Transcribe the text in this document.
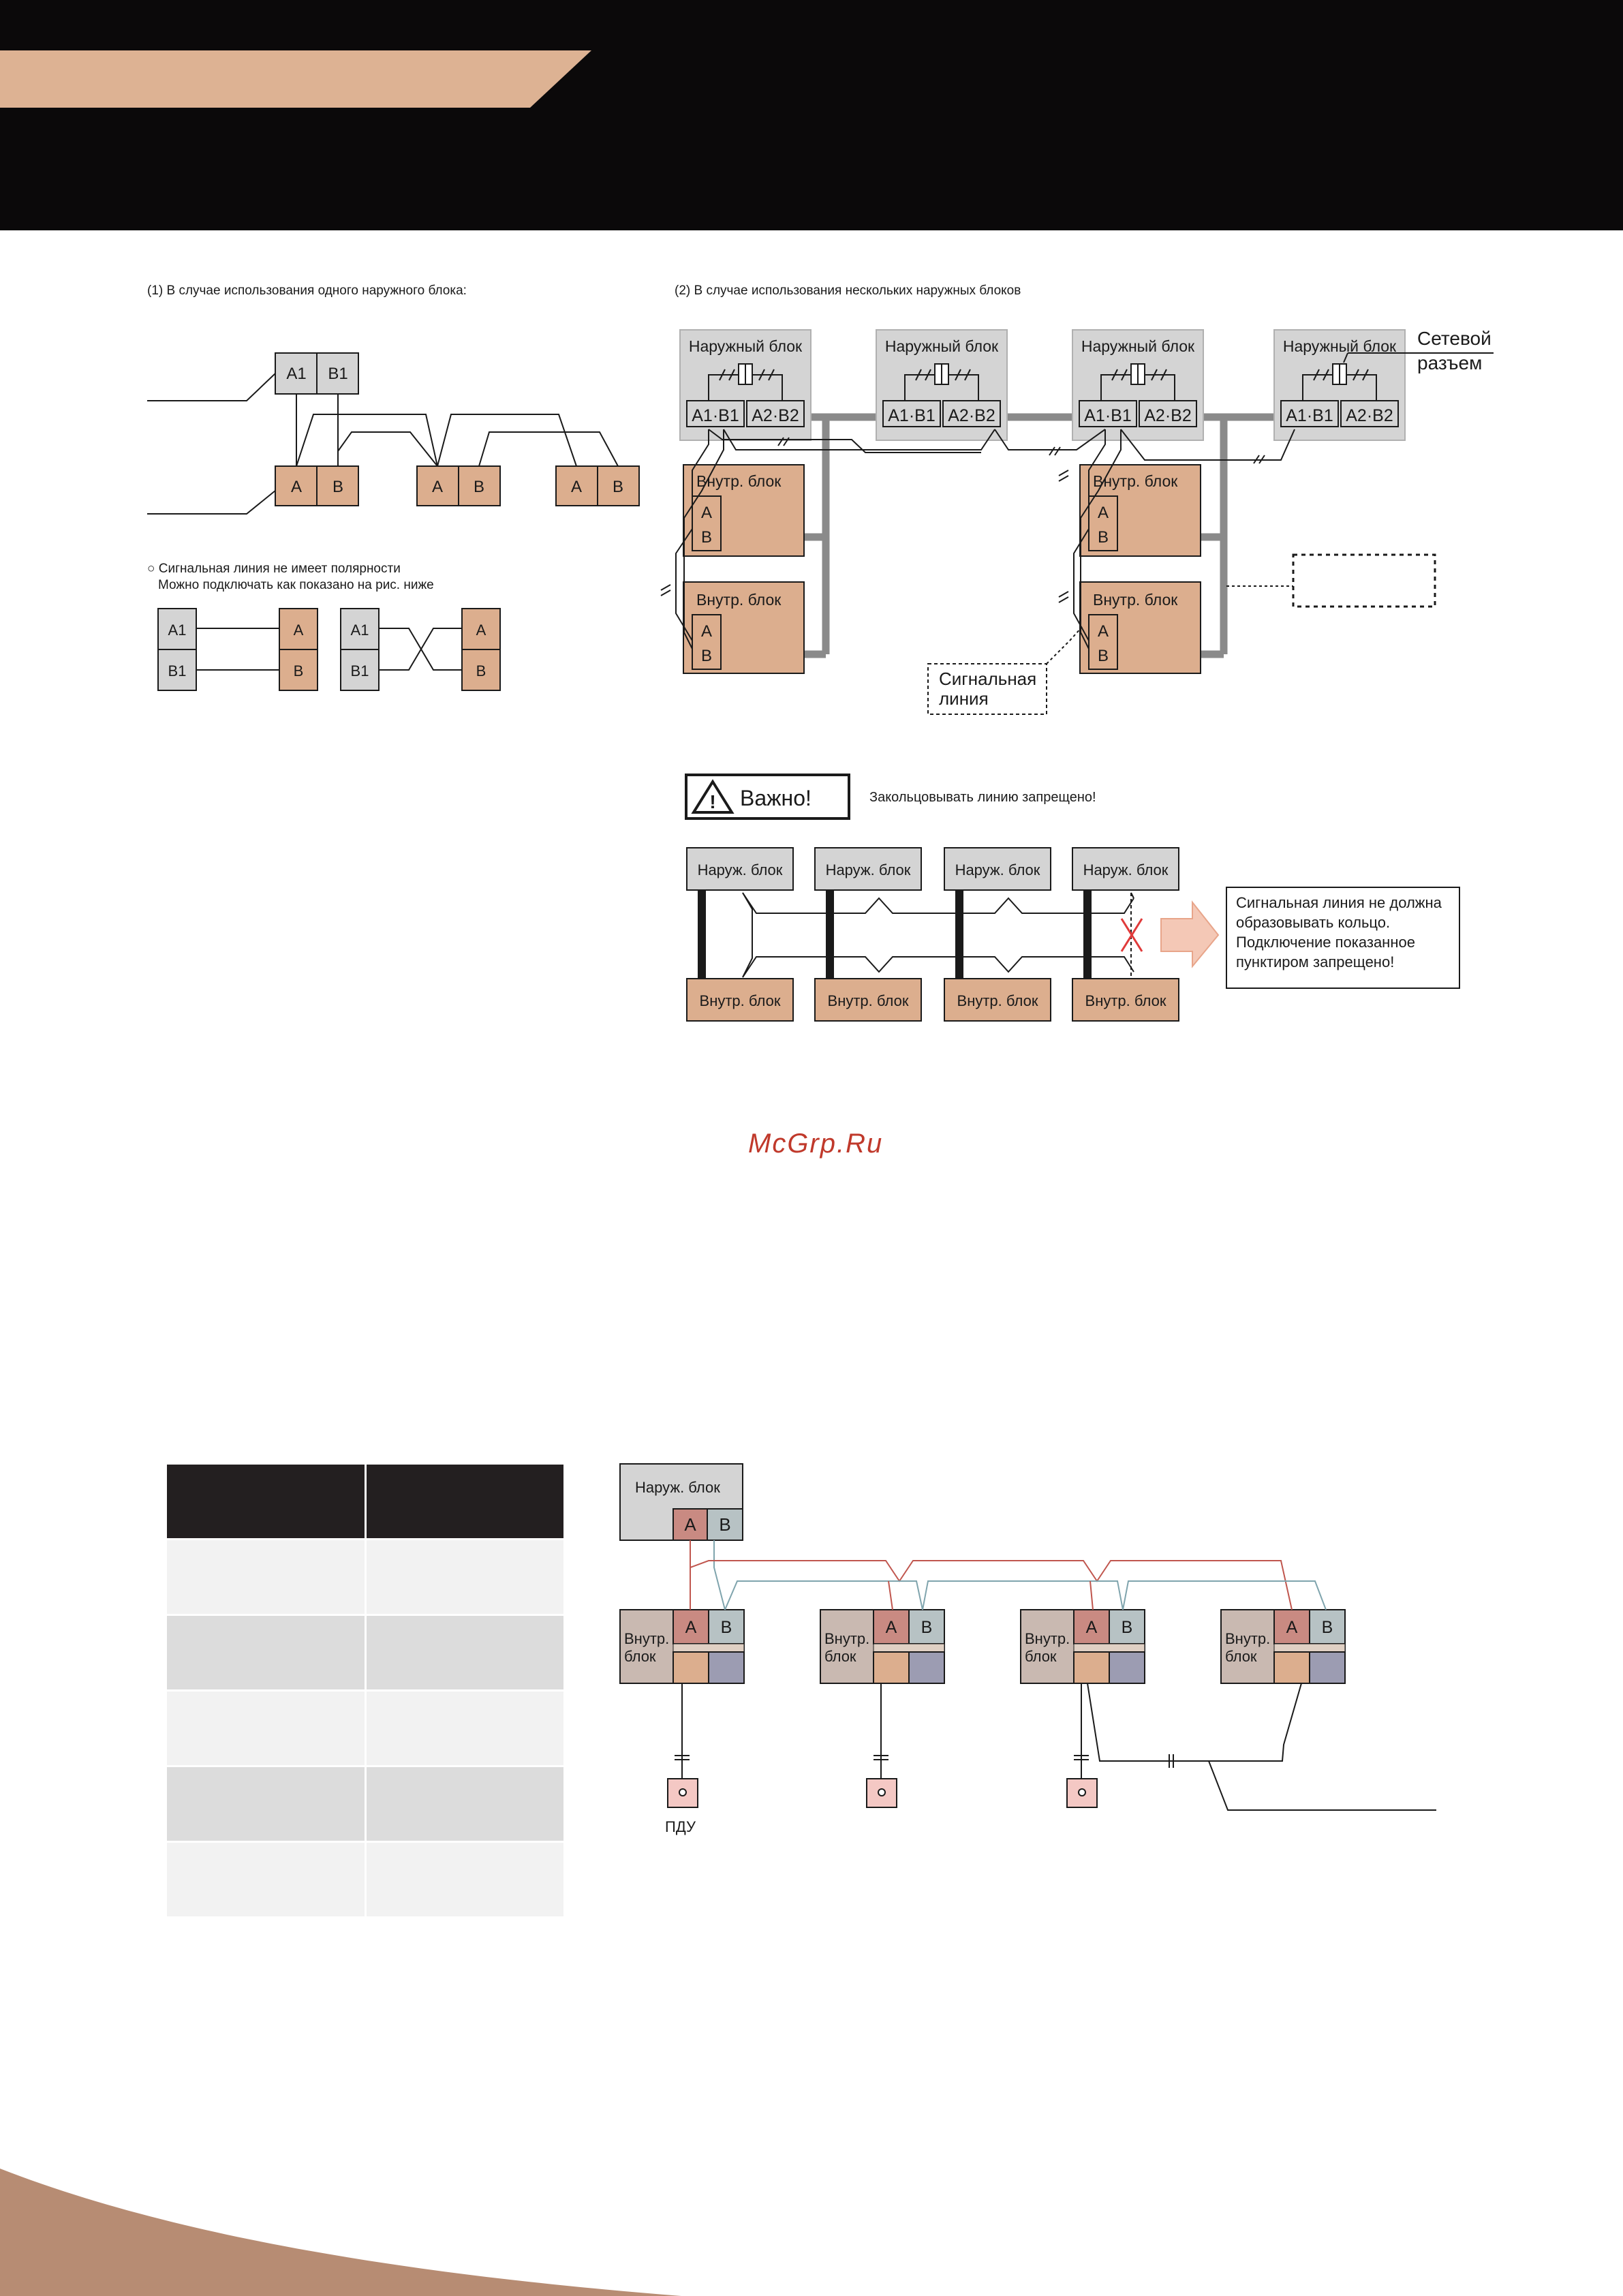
(1) В случае использования одного наружного блока:
A1 B1
A B	A B	A B
○ Сигнальная линия не имеет полярности
Можно подключать как показано на рис. ниже
A1
B1
A
B
A1
B1
A
B
(2) В случае использования нескольких наружных блоков
Наружный блок
A1·B1 A2·B2
Наружный блок
A1·B1 A2·B2
Наружный блок
A1·B1 A2·B2
Наружный блок
A1·B1 A2·B2
Внутр. блок
A
B
Внутр. блок
A
B
Внутр. блок
A
B
Внутр. блок
A
B
Сигнальная
линия
Сетевой
разъем
! Важно!	Закольцовывать линию запрещено!
Наруж. блок
Внутр. блок
Наруж. блок
Внутр. блок
Наруж. блок
Внутр. блок
Наруж. блок
Внутр. блок
Сигнальная линия не должна
образовывать кольцо.
Подключение показанное
пунктиром запрещено!
Наруж. блок
A B
A B
Внутр.
блок
A B
Внутр.
блок
A B
Внутр.
блок
A B
Внутр.
блок
ПДУ

McGrp.Ru
